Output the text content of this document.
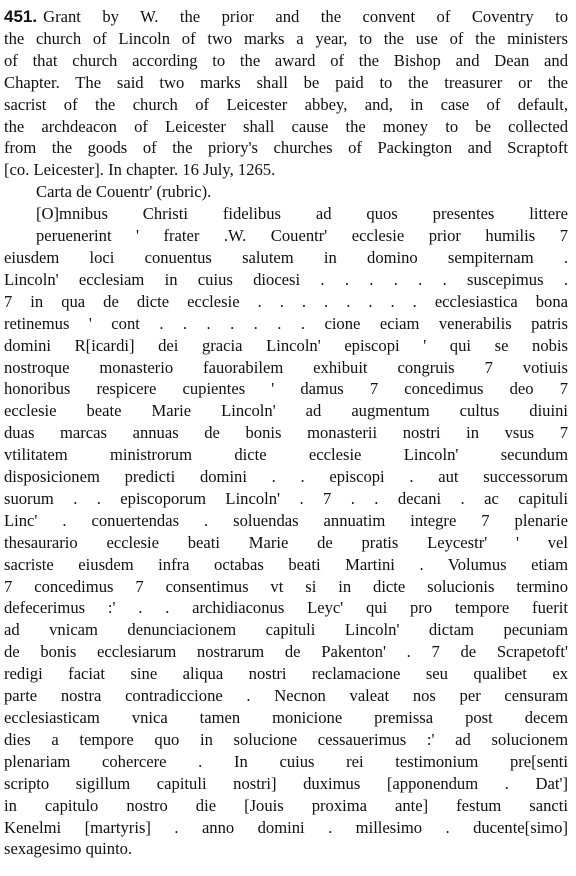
451. Grant by W. the prior and the convent of Coventry to
the church of Lincoln of two marks a year, to the use of the ministers
of that church according to the award of the Bishop and Dean and
Chapter. The said two marks shall be paid to the treasurer or the
sacrist of the church of Leicester abbey, and, in case of default,
the archdeacon of Leicester shall cause the money to be collected
from the goods of the priory's churches of Packington and Scraptoft
[co. Leicester]. In chapter. 16 July, 1265.
Carta de Couentr' (rubric).
[O]mnibus Christi fidelibus ad quos presentes littere
peruenerint ' frater .W. Couentr' ecclesie prior humilis 7
eiusdem loci conuentus salutem in domino sempiternam .
Lincoln' ecclesiam in cuius diocesi . . . . . . suscepimus .
7 in qua de dicte ecclesie . . . . . . . . ecclesiastica bona
retinemus ' cont . . . . . . . cione eciam venerabilis patris
domini R[icardi] dei gracia Lincoln' episcopi ' qui se nobis
nostroque monasterio fauorabilem exhibuit congruis 7 votiuis
honoribus respicere cupientes ' damus 7 concedimus deo 7
ecclesie beate Marie Lincoln' ad augmentum cultus diuini
duas marcas annuas de bonis monasterii nostri in vsus 7
vtilitatem ministrorum dicte ecclesie Lincoln' secundum
disposicionem predicti domini . . episcopi . aut successorum
suorum . . episcoporum Lincoln' . 7 . . decani . ac capituli
Linc' . conuertendas . soluendas annuatim integre 7 plenarie
thesaurario ecclesie beati Marie de pratis Leycestr' ' vel
sacriste eiusdem infra octabas beati Martini . Volumus etiam
7 concedimus 7 consentimus vt si in dicte solucionis termino
defecerimus :' . . archidiaconus Leyc' qui pro tempore fuerit
ad vnicam denunciacionem capituli Lincoln' dictam pecuniam
de bonis ecclesiarum nostrarum de Pakenton' . 7 de Scrapetoft'
redigi faciat sine aliqua nostri reclamacione seu qualibet ex
parte nostra contradiccione . Necnon valeat nos per censuram
ecclesiasticam vnica tamen monicione premissa post decem
dies a tempore quo in solucione cessauerimus :' ad solucionem
plenariam cohercere . In cuius rei testimonium pre[senti
scripto sigillum capituli nostri] duximus [apponendum . Dat']
in capitulo nostro die [Jouis proxima ante] festum sancti
Kenelmi [martyris] . anno domini . millesimo . ducente[simo]
sexagesimo quinto.
